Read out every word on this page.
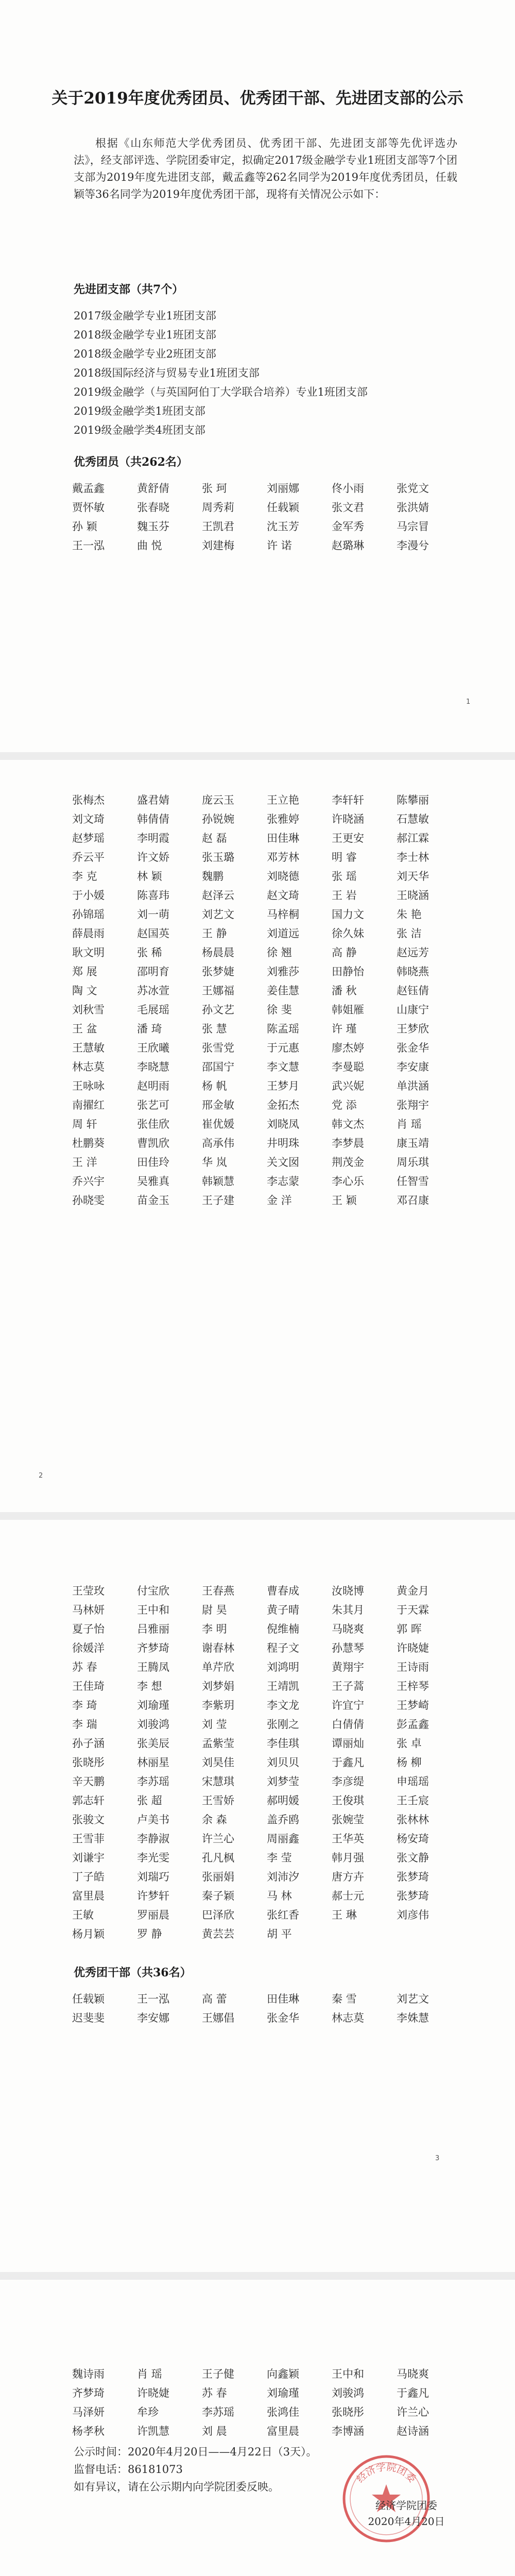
关于2019年度优秀团员、优秀团干部、先进团支部的公示

根据《山东师范大学优秀团员、优秀团干部、先进团支部等先优评选办法》，经支部评选、学院团委审定，拟确定2017级金融学专业1班团支部等7个团支部为2019年度先进团支部，戴孟鑫等262名同学为2019年度优秀团员，任载颖等36名同学为2019年度优秀团干部，现将有关情况公示如下：

先进团支部（共7个）
2017级金融学专业1班团支部
2018级金融学专业1班团支部
2018级金融学专业2班团支部
2018级国际经济与贸易专业1班团支部
2019级金融学（与英国阿伯丁大学联合培养）专业1班团支部
2019级金融学类1班团支部
2019级金融学类4班团支部
优秀团员（共262名）
戴孟鑫	黄舒倩	张 珂	刘丽娜	佟小雨	张党文
贾怀敏	张春晓	周秀莉	任载颖	张文君	张洪婧
孙 颖	魏玉芬	王凯君	沈玉芳	金军秀	马宗冒
王一泓	曲 悦	刘建梅	许 诺	赵璐琳	李漫兮
1
张梅杰	盛君婧	庞云玉	王立艳	李轩轩	陈攀丽
刘文琦	韩倩倩	孙锐婉	张雅婷	许晓涵	石慧敏
赵梦瑶	李明霞	赵 磊	田佳琳	王更安	郝江霖
乔云平	许文娇	张玉璐	邓芳林	明 睿	李士林
李 克	林 颖	魏鹏	刘晓德	张 瑶	刘天华
于小媛	陈喜玮	赵泽云	赵文琦	王 岩	王晓涵
孙锦瑶	刘一萌	刘艺文	马梓桐	国力文	朱 艳
薛晨雨	赵国英	王 静	刘道远	徐久妹	张 洁
耿文明	张 稀	杨晨晨	徐 翘	高 静	赵远芳
郑 展	邵明育	张梦婕	刘雅莎	田静怡	韩晓燕
陶 文	苏冰萱	王娜福	姜佳慧	潘 秋	赵钰倩
刘秋雪	毛展瑶	孙文艺	徐 斐	韩姐雁	山康宁
王 盆	潘 琦	张 慧	陈孟瑶	许 瑾	王梦欣
王慧敏	王欣曦	张雪党	于元惠	廖杰婷	张金华
林志莫	李晓慧	邵国宁	李文慧	李曼聪	李安康
王咏咏	赵明雨	杨 帆	王梦月	武兴妮	单洪涵
南擢红	张艺可	邢金敏	金拓杰	党 添	张翔宇
周 轩	张佳欣	崔优媛	刘晓凤	韩文杰	肖 瑶
杜鹏葵	曹凯欣	高承伟	井明珠	李梦晨	康玉靖
王 洋	田佳玲	华 岚	关文囡	荆茂金	周乐琪
乔兴宇	吴雅真	韩颖慧	李志蒙	李心乐	任智雪
孙晓雯	苗金玉	王子建	金 洋	王 颖	邓召康
2
王莹玫	付宝欣	王春燕	曹春成	汝晓博	黄金月
马林妍	王中和	尉 昊	黄子晴	朱其月	于天霖
夏子怡	吕雅丽	李 明	倪维楠	马晓爽	郭 晖
徐媛洋	齐梦琦	谢春林	程子文	孙慧琴	许晓婕
苏 春	王腾凤	单芹欣	刘鸿明	黄翔宇	王诗雨
王佳琦	李 想	刘梦娟	王靖凯	王子蒿	王梓琴
李 琦	刘瑜瑾	李紫玥	李文龙	许宜宁	王梦崎
李 瑞	刘骏鸿	刘 莹	张刚之	白倩倩	彭孟鑫
孙子涵	张美辰	孟紫莹	李佳琪	谭丽灿	张 卓
张晓彤	林丽星	刘昊佳	刘贝贝	于鑫凡	杨 柳
辛天鹏	李苏瑶	宋慧琪	刘梦莹	李彦缇	申瑶瑶
郭志轩	张 超	王雪娇	郝明媛	王俊琪	王壬宸
张骏文	卢美书	余 森	盖乔鸥	张婉莹	张林林
王雪菲	李静淑	许兰心	周丽鑫	王华英	杨安琦
刘谦宇	李光雯	孔凡枫	李 莹	韩月强	张文静
丁子皓	刘瑞巧	张丽娟	刘沛汐	唐方卉	张梦琦
富里晨	许梦轩	秦子颖	马 林	郝士元	张梦琦
王敏	罗丽晨	巴泽欣	张红香	王 琳	刘彦伟
杨月颖	罗 静	黄芸芸	胡 平
优秀团干部（共36名）
任载颖	王一泓	高 蕾	田佳琳	秦 雪	刘艺文
迟斐斐	李安娜	王娜倡	张金华	林志莫	李姝慧
3
魏诗雨	肖 瑶	王子健	向鑫颖	王中和	马晓爽
齐梦琦	许晓婕	苏 春	刘瑜瑾	刘骏鸿	于鑫凡
马泽妍	牟珍	李苏瑶	张鸿佳	张晓彤	许兰心
杨孝秋	许凯慧	刘 晨	富里晨	李博涵	赵诗涵
公示时间：2020年4月20日——4月22日（3天）。
监督电话：86181073
如有异议，请在公示期内向学院团委反映。
经济学院团委
经济学院团委
2020年4月20日
